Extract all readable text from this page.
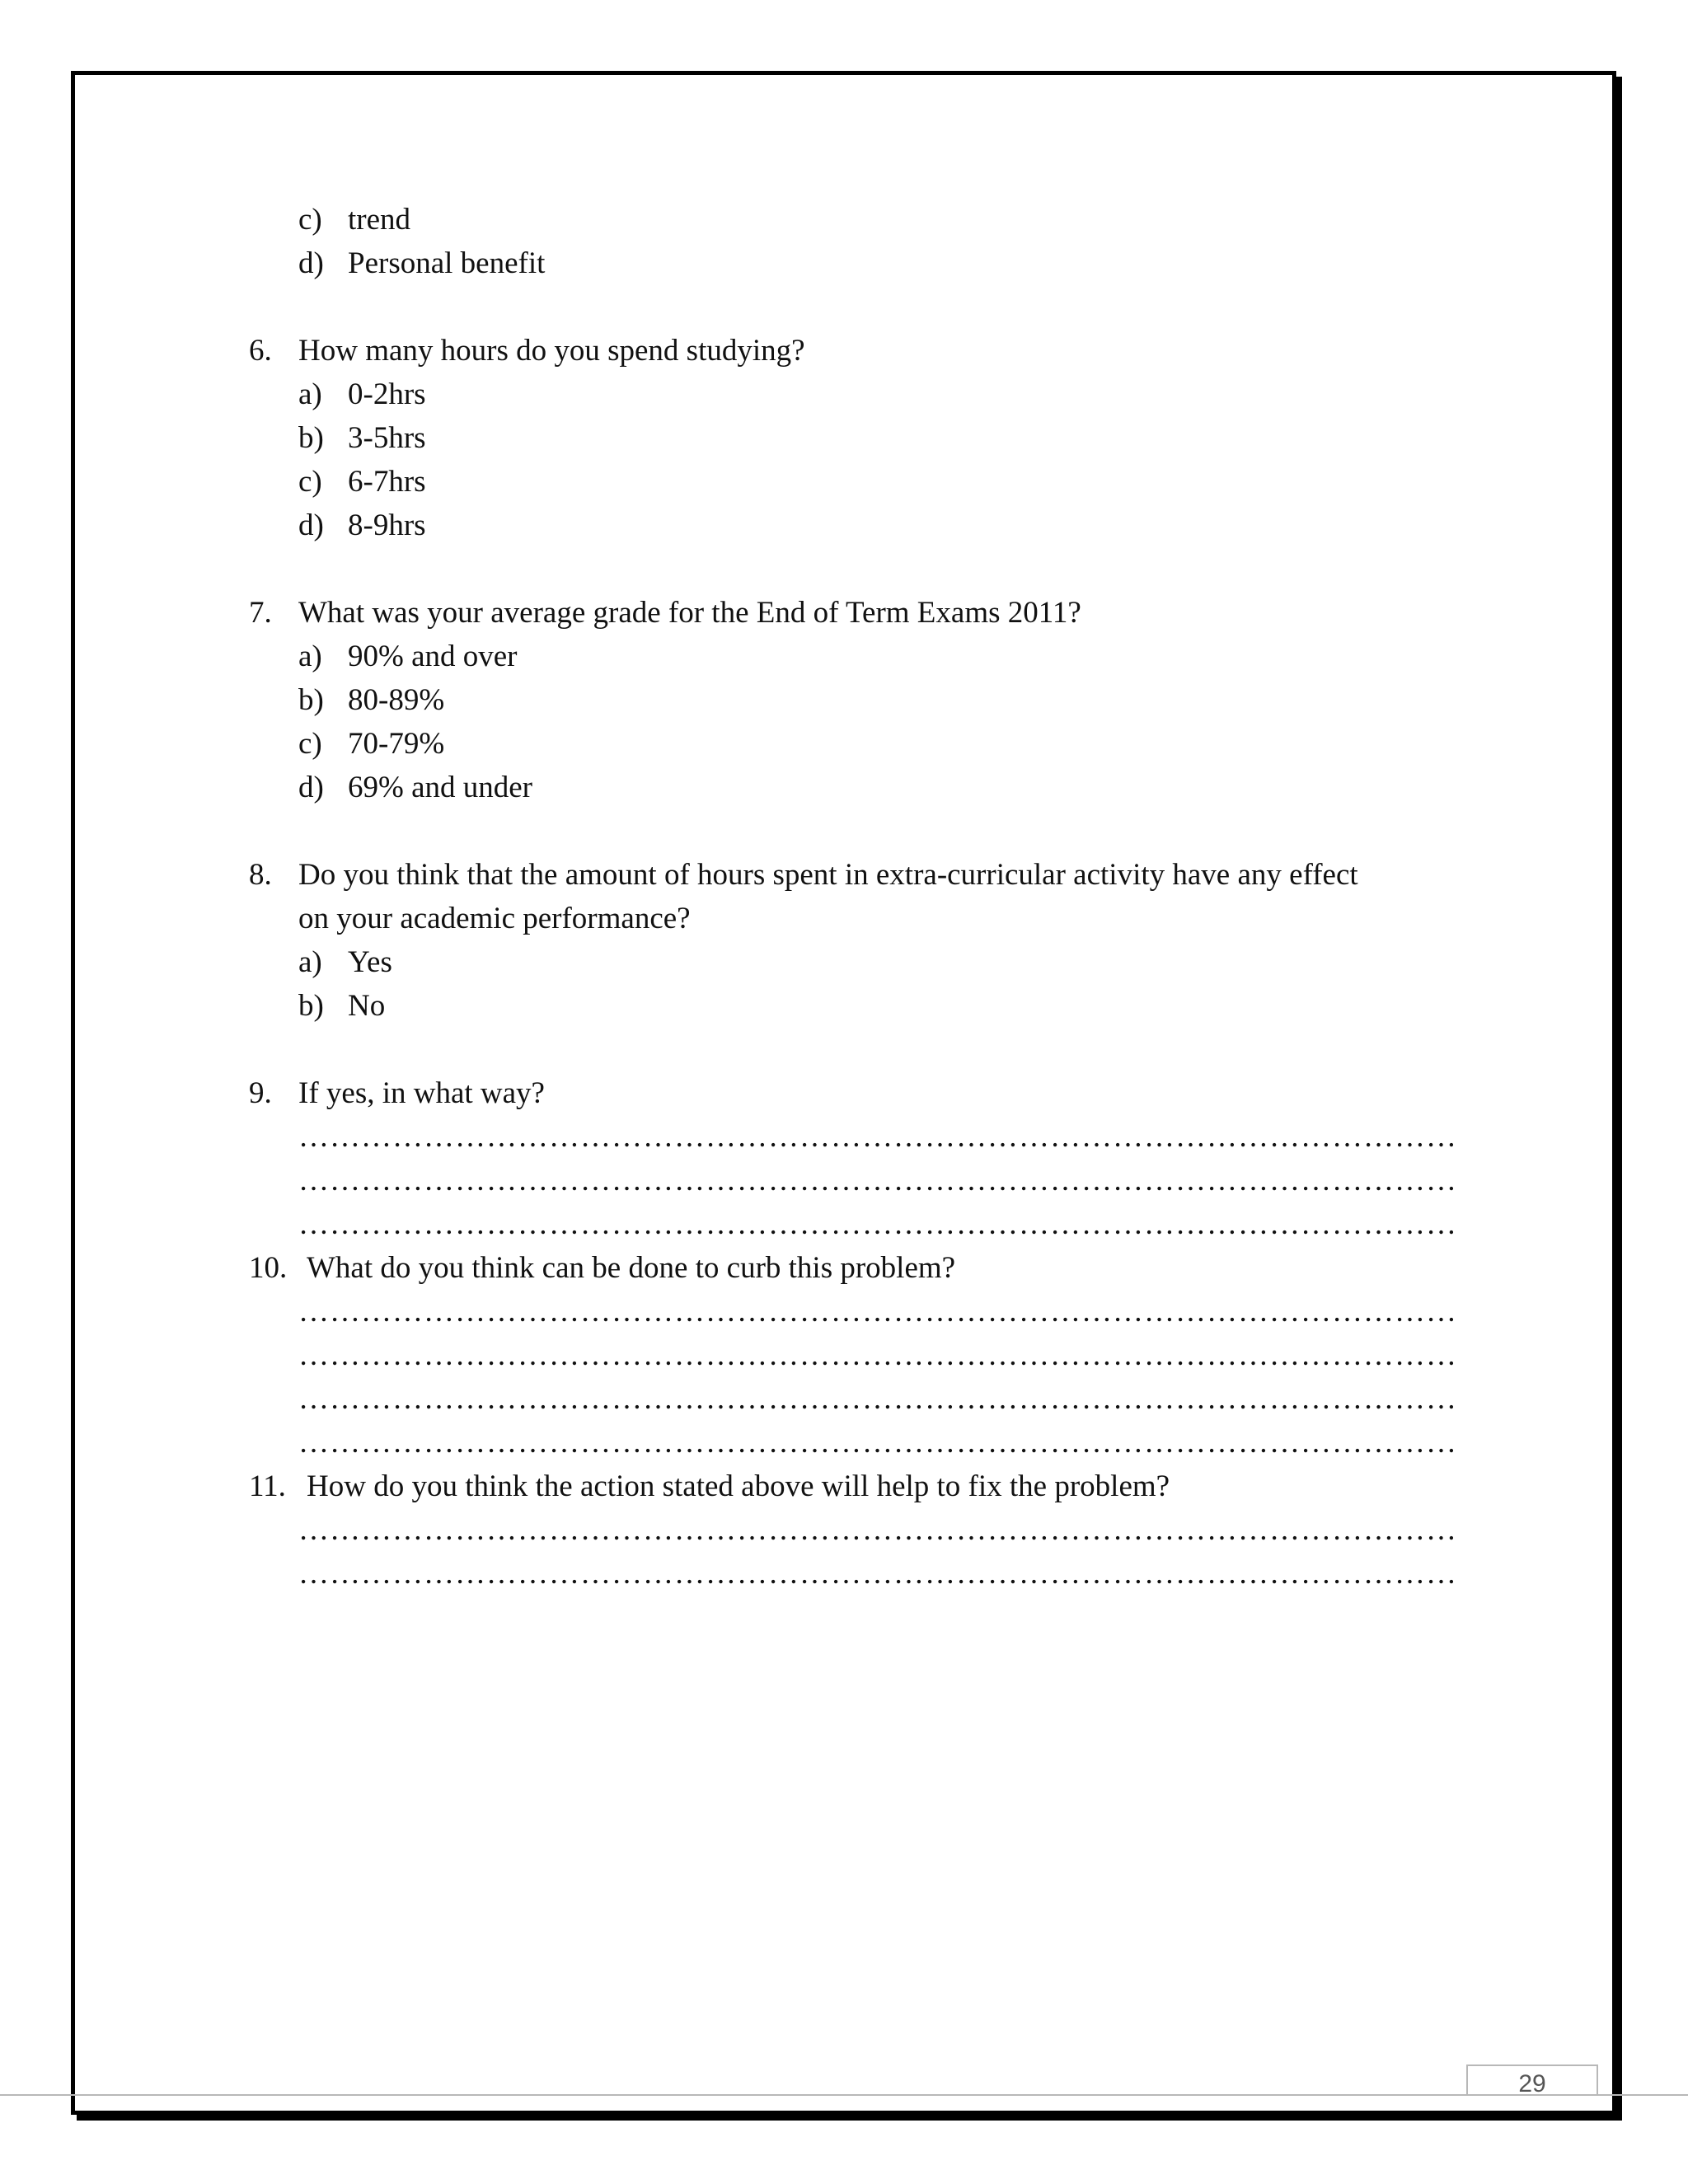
c) trend
d) Personal benefit
6. How many hours do you spend studying?
a) 0-2hrs
b) 3-5hrs
c) 6-7hrs
d) 8-9hrs
7. What was your average grade for the End of Term Exams 2011?
a) 90% and over
b) 80-89%
c) 70-79%
d) 69% and under
8. Do you think that the amount of hours spent in extra-curricular activity have any effect
on your academic performance?
a) Yes
b) No
9. If yes, in what way?
…………………………………………………………………………………………………
…………………………………………………………………………………………………
…………………………………………………………………………………………………
10. What do you think can be done to curb this problem?
…………………………………………………………………………………………………
…………………………………………………………………………………………………
…………………………………………………………………………………………………
…………………………………………………………………………………………………
11. How do you think the action stated above will help to fix the problem?
…………………………………………………………………………………………………
…………………………………………………………………………………………………
29
